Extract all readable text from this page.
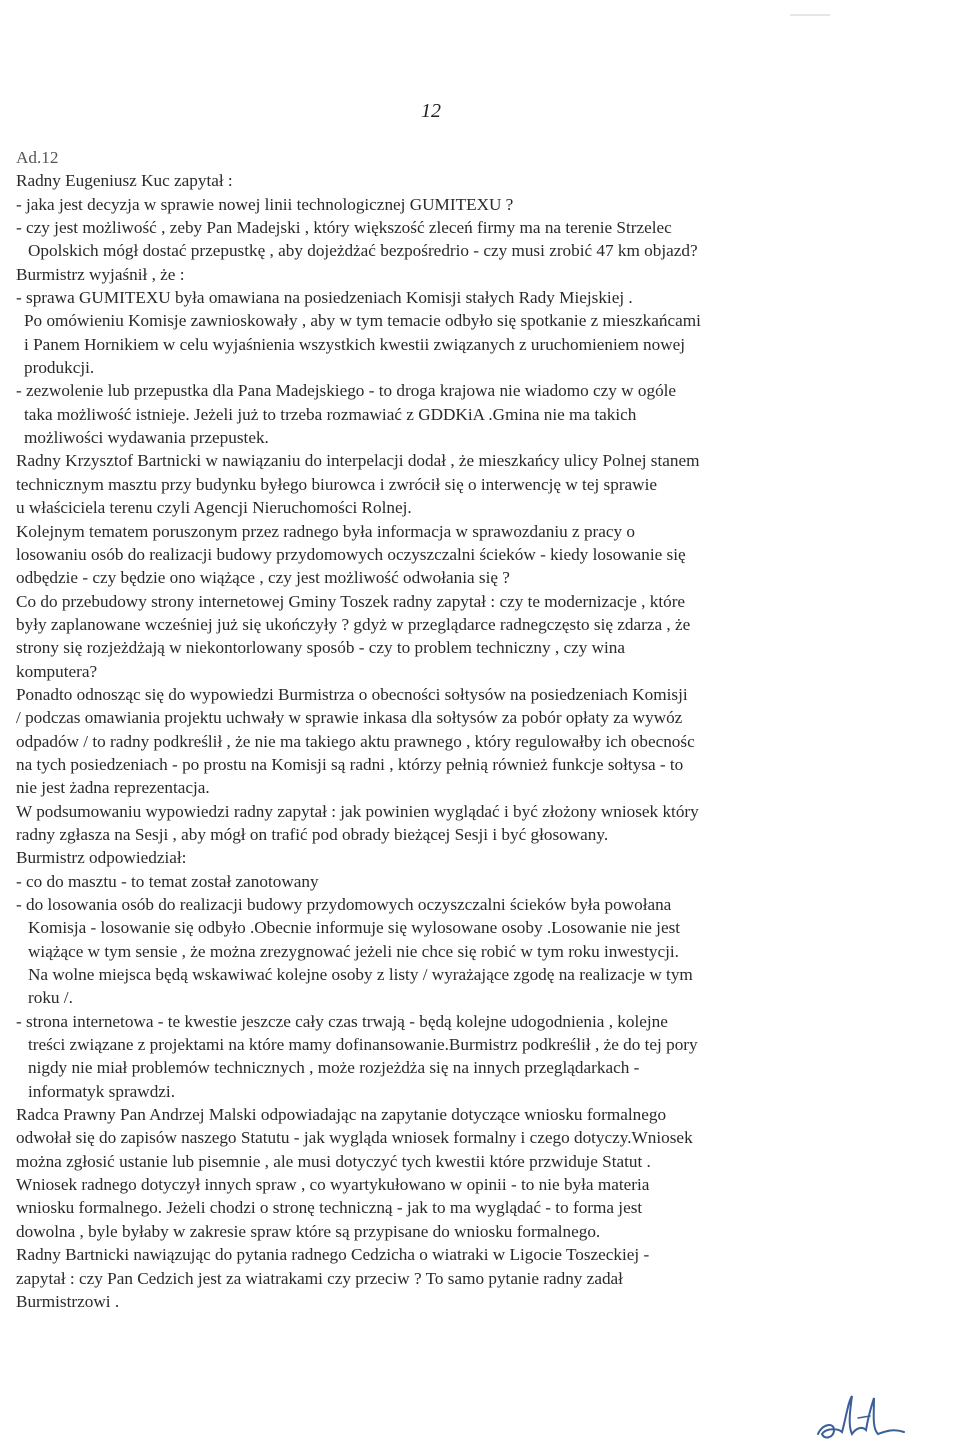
12
Ad.12
Radny Eugeniusz Kuc zapytał :
- jaka jest decyzja w sprawie nowej linii technologicznej GUMITEXU ?
- czy jest możliwość , zeby Pan Madejski , który większość zleceń firmy ma na terenie Strzelec
Opolskich mógł dostać przepustkę , aby dojeżdżać bezpośredrio - czy musi zrobić 47 km objazd?
Burmistrz wyjaśnił , że :
- sprawa GUMITEXU była omawiana na posiedzeniach Komisji stałych Rady Miejskiej .
Po omówieniu Komisje zawnioskowały , aby w tym temacie odbyło się spotkanie z mieszkańcami
i Panem Hornikiem w celu wyjaśnienia wszystkich kwestii związanych z uruchomieniem nowej
produkcji.
- zezwolenie lub przepustka dla Pana Madejskiego - to droga krajowa nie wiadomo czy w ogóle
taka możliwość istnieje. Jeżeli już to trzeba rozmawiać z GDDKiA .Gmina nie ma takich
możliwości wydawania przepustek.
Radny Krzysztof Bartnicki w nawiązaniu do interpelacji dodał , że mieszkańcy ulicy Polnej stanem
technicznym masztu przy budynku byłego biurowca i zwrócił się o interwencję w tej sprawie
u właściciela terenu czyli Agencji Nieruchomości Rolnej.
Kolejnym tematem poruszonym przez radnego była informacja w sprawozdaniu z pracy o
losowaniu osób do realizacji budowy przydomowych oczyszczalni ścieków - kiedy losowanie się
odbędzie - czy będzie ono wiążące , czy jest możliwość odwołania się ?
Co do przebudowy strony internetowej Gminy Toszek radny zapytał : czy te modernizacje , które
były zaplanowane wcześniej już się ukończyły ? gdyż w przeglądarce radnegczęsto się zdarza , że
strony się rozjeżdżają w niekontorlowany sposób - czy to problem techniczny , czy wina
komputera?
Ponadto odnosząc się do wypowiedzi Burmistrza o obecności sołtysów na posiedzeniach Komisji
/ podczas omawiania projektu uchwały w sprawie inkasa dla sołtysów za pobór opłaty za wywóz
odpadów / to radny podkreślił , że nie ma takiego aktu prawnego , który regulowałby ich obecnośc
na tych posiedzeniach - po prostu na Komisji są radni , którzy pełnią również funkcje sołtysa - to
nie jest żadna reprezentacja.
W podsumowaniu wypowiedzi radny zapytał : jak powinien wyglądać i być złożony wniosek który
radny zgłasza na Sesji , aby mógł on trafić pod obrady bieżącej Sesji i być głosowany.
Burmistrz odpowiedział:
- co do masztu - to temat został zanotowany
- do losowania osób do realizacji budowy przydomowych oczyszczalni ścieków była powołana
Komisja - losowanie się odbyło .Obecnie informuje się wylosowane osoby .Losowanie nie jest
wiążące w tym sensie , że można zrezygnować jeżeli nie chce się robić w tym roku inwestycji.
Na wolne miejsca będą wskawiwać kolejne osoby z listy / wyrażające zgodę na realizacje w tym
roku /.
- strona internetowa - te kwestie jeszcze cały czas trwają - będą kolejne udogodnienia , kolejne
treści związane z projektami na które mamy dofinansowanie.Burmistrz podkreślił , że do tej pory
nigdy nie miał problemów technicznych , może rozjeżdża się na innych przeglądarkach -
informatyk sprawdzi.
Radca Prawny Pan Andrzej Malski odpowiadając na zapytanie dotyczące wniosku formalnego
odwołał się do zapisów naszego Statutu - jak wygląda wniosek formalny i czego dotyczy.Wniosek
można zgłosić ustanie lub pisemnie , ale musi dotyczyć tych kwestii które przwiduje Statut .
Wniosek radnego dotyczył innych spraw , co wyartykułowano w opinii - to nie była materia
wniosku formalnego. Jeżeli chodzi o stronę techniczną - jak to ma wyglądać - to forma jest
dowolna , byle byłaby w zakresie spraw które są przypisane do wniosku formalnego.
Radny Bartnicki nawiązując do pytania radnego Cedzicha o wiatraki w Ligocie Toszeckiej -
zapytał : czy Pan Cedzich jest za wiatrakami czy przeciw ? To samo pytanie radny zadał
Burmistrzowi .
